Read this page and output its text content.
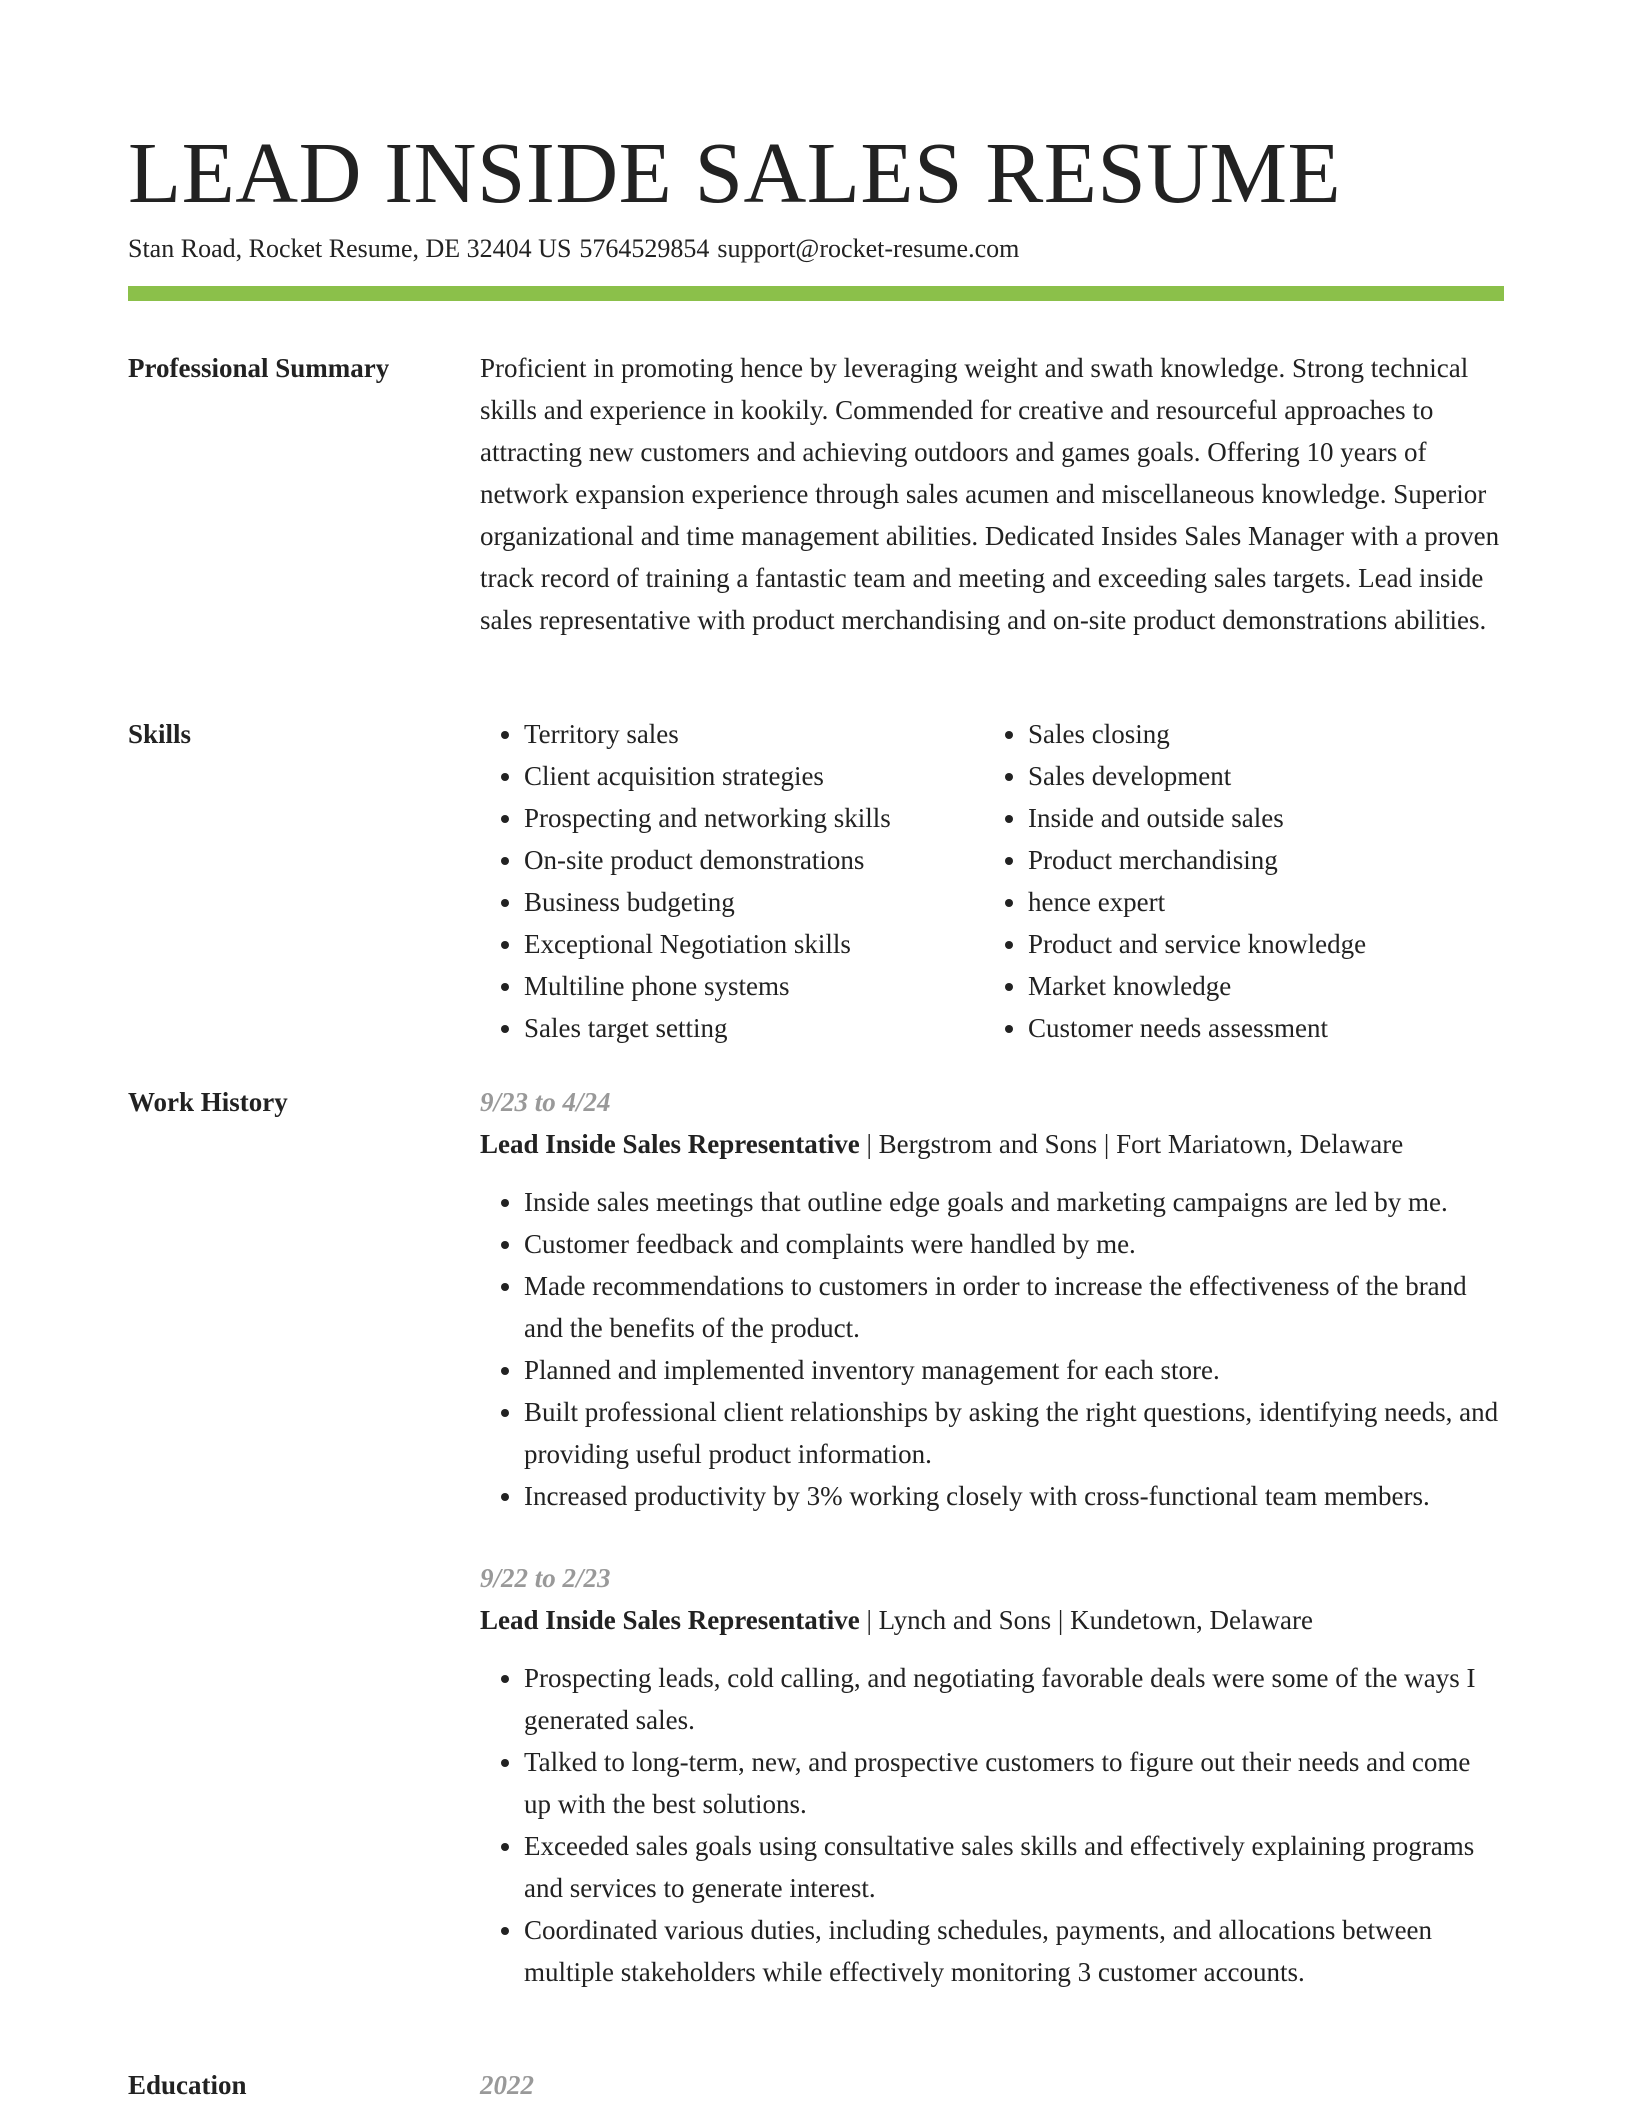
LEAD INSIDE SALES RESUME
Stan Road, Rocket Resume, DE 32404 US 5764529854 support@rocket-resume.com
Professional Summary	Proficient in promoting hence by leveraging weight and swath knowledge. Strong technical skills and experience in kookily. Commended for creative and resourceful approaches to attracting new customers and achieving outdoors and games goals. Offering 10 years of network expansion experience through sales acumen and miscellaneous knowledge. Superior organizational and time management abilities. Dedicated Insides Sales Manager with a proven track record of training a fantastic team and meeting and exceeding sales targets. Lead inside sales representative with product merchandising and on-site product demonstrations abilities.

Skills
•	Territory sales
• Client acquisition strategies
• Prospecting and networking skills
• On-site product demonstrations
• Business budgeting
• Exceptional Negotiation skills
• Multiline phone systems
• Sales target setting
• Sales closing
• Sales development
• Inside and outside sales
• Product merchandising
• hence expert
• Product and service knowledge
• Market knowledge
• Customer needs assessment
Work History	9/23 to 4/24
Lead Inside Sales Representative | Bergstrom and Sons | Fort Mariatown, Delaware
• Inside sales meetings that outline edge goals and marketing campaigns are led by me.
• Customer feedback and complaints were handled by me.
• Made recommendations to customers in order to increase the effectiveness of the brand and the benefits of the product.
• Planned and implemented inventory management for each store.
• Built professional client relationships by asking the right questions, identifying needs, and providing useful product information.
• Increased productivity by 3% working closely with cross-functional team members.
9/22 to 2/23
Lead Inside Sales Representative | Lynch and Sons | Kundetown, Delaware
• Prospecting leads, cold calling, and negotiating favorable deals were some of the ways I generated sales.
• Talked to long-term, new, and prospective customers to figure out their needs and come up with the best solutions.
• Exceeded sales goals using consultative sales skills and effectively explaining programs and services to generate interest.
• Coordinated various duties, including schedules, payments, and allocations between multiple stakeholders while effectively monitoring 3 customer accounts.
Education	2022
